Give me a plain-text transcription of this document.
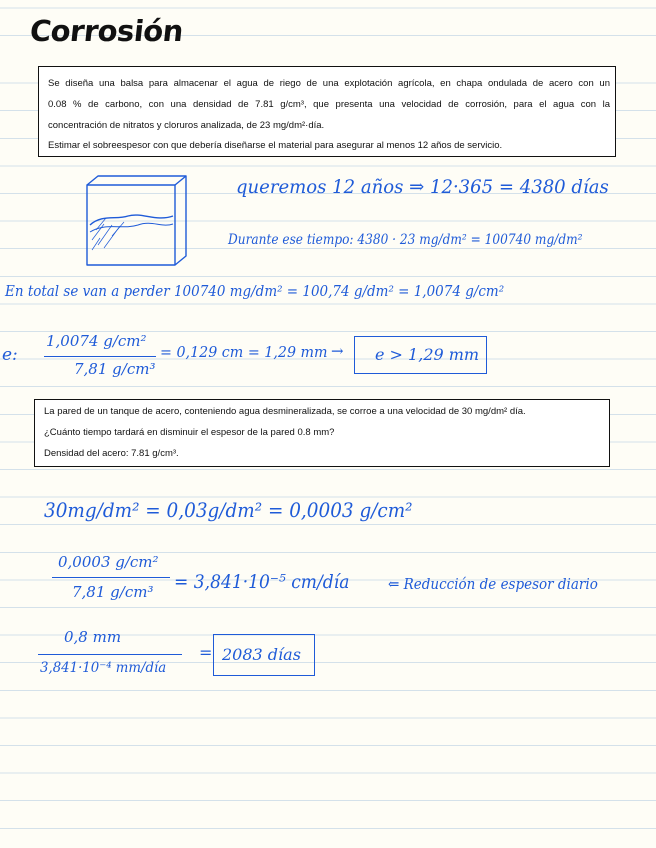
Corrosión
Se diseña una balsa para almacenar el agua de riego de una explotación agrícola, en chapa ondulada de acero con un
0.08 % de carbono, con una densidad de 7.81 g/cm³, que presenta una velocidad de corrosión, para el agua con la
concentración de nitratos y cloruros analizada, de 23 mg/dm²·día.
Estimar el sobreespesor con que debería diseñarse el material para asegurar al menos 12 años de servicio.
queremos 12 años ⇒ 12·365 = 4380 días
Durante ese tiempo: 4380 · 23 mg/dm² = 100740 mg/dm²
En total se van a perder 100740 mg/dm² = 100,74 g/dm² = 1,0074 g/cm²
e:
1,0074 g/cm²
7,81 g/cm³
= 0,129 cm = 1,29 mm →	e > 1,29 mm
La pared de un tanque de acero, conteniendo agua desmineralizada, se corroe a una velocidad de 30 mg/dm² día.
¿Cuánto tiempo tardará en disminuir el espesor de la pared 0.8 mm?
Densidad del acero: 7.81 g/cm³.
30mg/dm² = 0,03g/dm² = 0,0003 g/cm²
0,0003 g/cm²
7,81 g/cm³ = 3,841·10⁻⁵ cm/día	⇐ Reducción de espesor diario
0,8 mm
3,841·10⁻⁴ mm/día
= 2083 días
